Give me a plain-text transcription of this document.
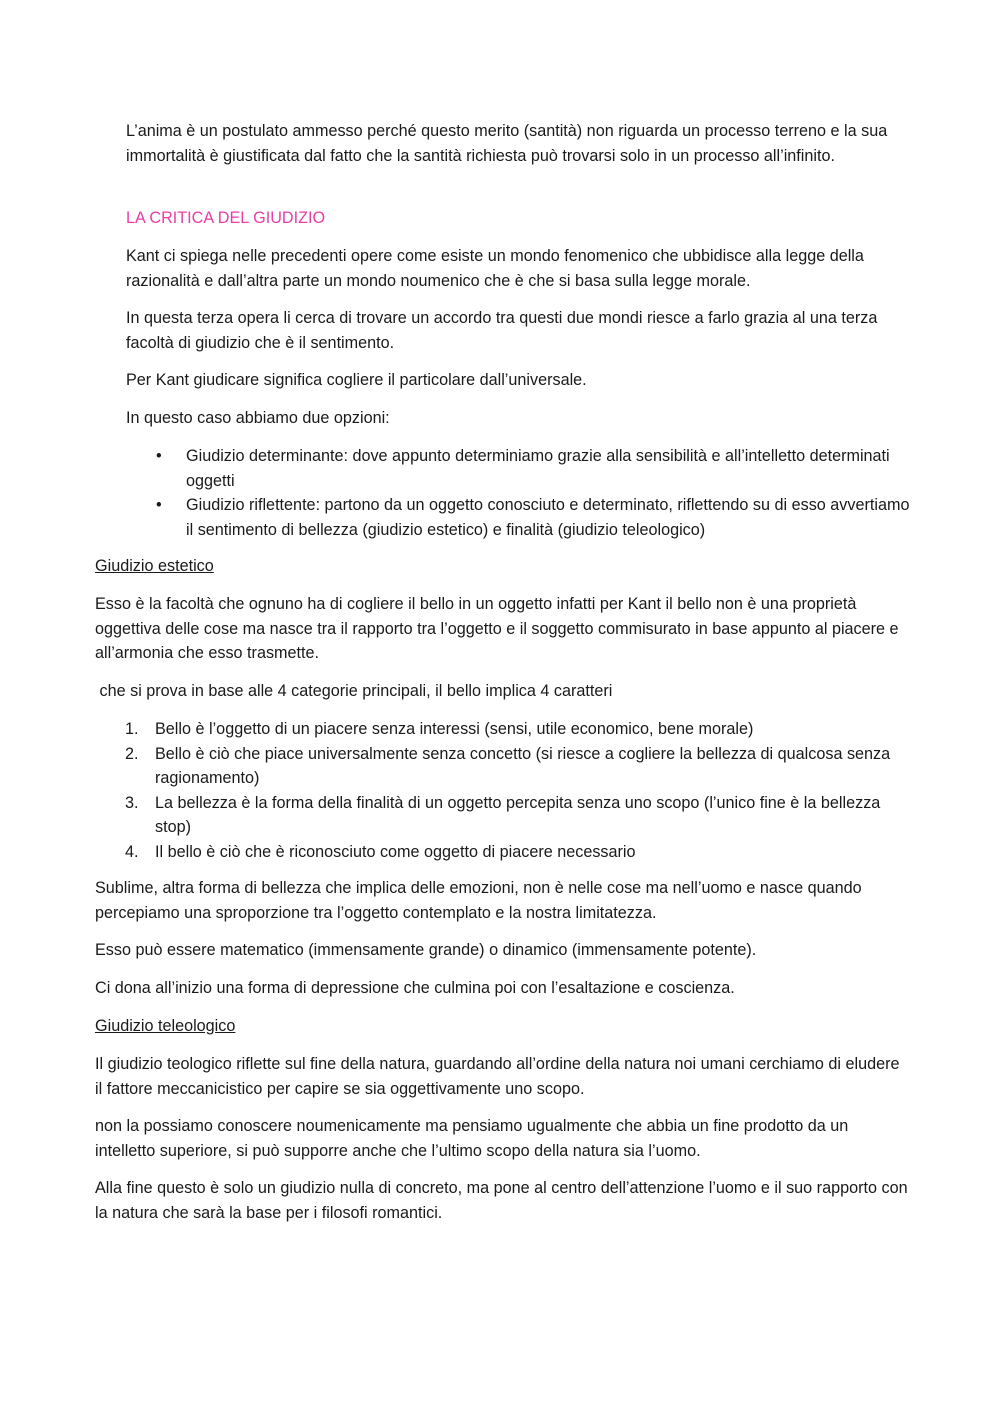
L’anima è un postulato ammesso perché questo merito (santità) non riguarda un processo terreno e la sua immortalità è giustificata dal fatto che la santità richiesta può trovarsi solo in un processo all’infinito.

LA CRITICA DEL GIUDIZIO

Kant ci spiega nelle precedenti opere come esiste un mondo fenomenico che ubbidisce alla legge della razionalità e dall’altra parte un mondo noumenico che è che si basa sulla legge morale.

In questa terza opera li cerca di trovare un accordo tra questi due mondi riesce a farlo grazia al una terza facoltà di giudizio che è il sentimento.

Per Kant giudicare significa cogliere il particolare dall’universale.

In questo caso abbiamo due opzioni:

• Giudizio determinante: dove appunto determiniamo grazie alla sensibilità e all’intelletto determinati oggetti
• Giudizio riflettente: partono da un oggetto conosciuto e determinato, riflettendo su di esso avvertiamo il sentimento di bellezza (giudizio estetico) e finalità (giudizio teleologico)

Giudizio estetico

Esso è la facoltà che ognuno ha di cogliere il bello in un oggetto infatti per Kant il bello non è una proprietà oggettiva delle cose ma nasce tra il rapporto tra l’oggetto e il soggetto commisurato in base appunto al piacere e all’armonia che esso trasmette.

che si prova in base alle 4 categorie principali, il bello implica 4 caratteri

1. Bello è l’oggetto di un piacere senza interessi (sensi, utile economico, bene morale)
2. Bello è ciò che piace universalmente senza concetto (si riesce a cogliere la bellezza di qualcosa senza ragionamento)
3. La bellezza è la forma della finalità di un oggetto percepita senza uno scopo (l’unico fine è la bellezza stop)
4. Il bello è ciò che è riconosciuto come oggetto di piacere necessario

Sublime, altra forma di bellezza che implica delle emozioni, non è nelle cose ma nell’uomo e nasce quando percepiamo una sproporzione tra l’oggetto contemplato e la nostra limitatezza.

Esso può essere matematico (immensamente grande) o dinamico (immensamente potente).

Ci dona all’inizio una forma di depressione che culmina poi con l’esaltazione e coscienza.

Giudizio teleologico

Il giudizio teologico riflette sul fine della natura, guardando all’ordine della natura noi umani cerchiamo di eludere il fattore meccanicistico per capire se sia oggettivamente uno scopo.

non la possiamo conoscere noumenicamente ma pensiamo ugualmente che abbia un fine prodotto da un intelletto superiore, si può supporre anche che l’ultimo scopo della natura sia l’uomo.

Alla fine questo è solo un giudizio nulla di concreto, ma pone al centro dell’attenzione l’uomo e il suo rapporto con la natura che sarà la base per i filosofi romantici.
